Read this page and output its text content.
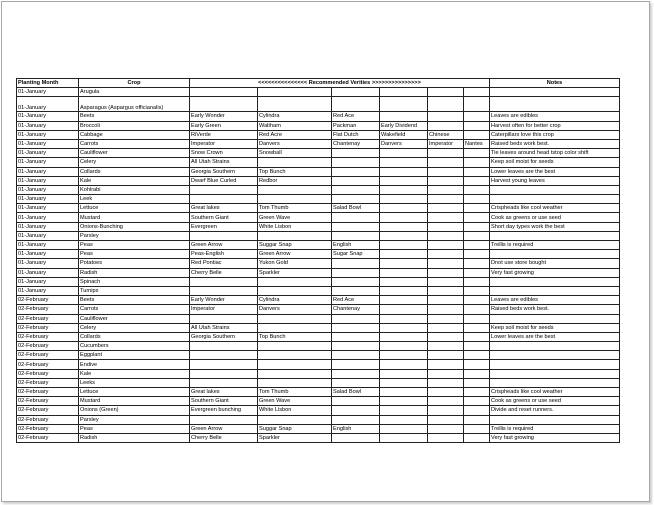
Planting Month	Crop	<<<<<<<<<<<<<<< Recommended Verities >>>>>>>>>>>>>>>						Notes
01-January	Arugula							
01-January	Asparagus (Aspargus officianalis)							
01-January	Beets	Early Wonder	Cylindra	Red Ace				Leaves are edibles
01-January	Broccoli	Early Green	Waltham	Packman	Early Dividend			Harvest often for better crop
01-January	Cabbage	RiVerde	Red Acre	Flat Dutch	Wakefield	Chinese		Caterpillars love this crop
01-January	Carrots	Imperator	Danvers	Chantenay	Danvers	Imperator	Nantes	Raised beds work best.
01-January	Cauliflower	Snow Crown	Snowball					Tie leaves around head tstop color shift
01-January	Celery	All Utah Strains						Keep soil moist for seeds
01-January	Collards	Georgia Southern	Top Bunch					Lower leaves are the best
01-January	Kale	Dwarf Blue Curled	Redbor					Harvest young leaves
01-January	Kohlrabi							
01-January	Leek							
01-January	Lettuce	Great lakes	Tom Thumb	Salad Bowl				Crispheads like cool weather
01-January	Mustard	Southern Giant	Green Wave					Cook as greens or use seed
01-January	Onions-Bunching	Evergreen	White Lisbon					Short day types work the best
01-January	Parsley							
01-January	Peas	Green Arrow	Suggar Snap	English				Trellis is required
01-January	Peas	Peas-English	Green Arrow	Sugar Snap				
01-January	Potatoes	Red Pontiac	Yukon Gold					Dnot use store bought
01-January	Radish	Cherry Belle	Sparkler					Very fast growing
01-January	Spinach							
01-January	Turnips							
02-February	Beets	Early Wonder	Cylindra	Red Ace				Leaves are edibles
02-February	Carrots	Imperator	Danvers	Chantenay				Raised beds work best.
02-February	Cauliflower							
02-February	Celery	All Utah Strains						Keep soil moist for seeds
02-February	Collards	Georgia Southern	Top Bunch					Lower leaves are the best
02-February	Cucumbers							
02-February	Eggplant							
02-February	Endive							
02-February	Kale							
02-February	Leeks							
02-February	Lettuce	Great lakes	Tom Thumb	Salad Bowl				Crispheads like cool weather
02-February	Mustard	Southern Giant	Green Wave					Cook as greens or use seed
02-February	Onions (Green)	Evergreen bunching	White Lisbon					Divide and reset runners.
02-February	Parsley							
02-February	Peas	Green Arrow	Suggar Snap	English				Trellis is required
02-February	Radish	Cherry Belle	Sparkler					Very fast growing
